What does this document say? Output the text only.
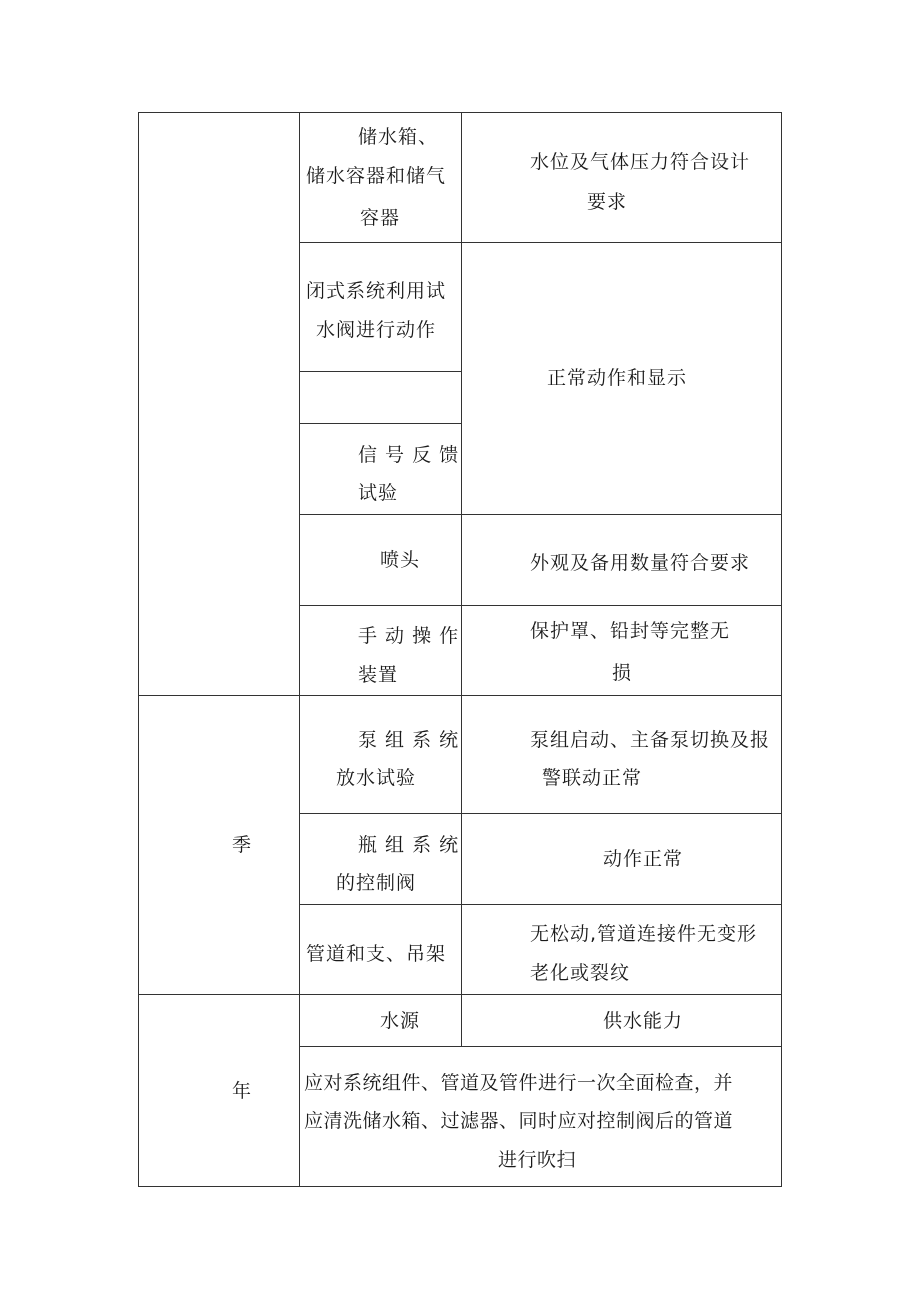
储水箱、
储水容器和储气
容器
水位及气体压力符合设计
要求
闭式系统利用试
水阀进行动作
正常动作和显示
信 号 反 馈
试验
喷头	外观及备用数量符合要求
手 动 操 作
装置
保护罩、铅封等完整无
损
季
泵 组 系 统
放水试验
泵组启动、主备泵切换及报
警联动正常
瓶 组 系 统
的控制阀
动作正常
管道和支、吊架
无松动,管道连接件无变形
老化或裂纹
年
水源	供水能力
应对系统组件、管道及管件进行一次全面检查，并
应清洗储水箱、过滤器、同时应对控制阀后的管道
进行吹扫
